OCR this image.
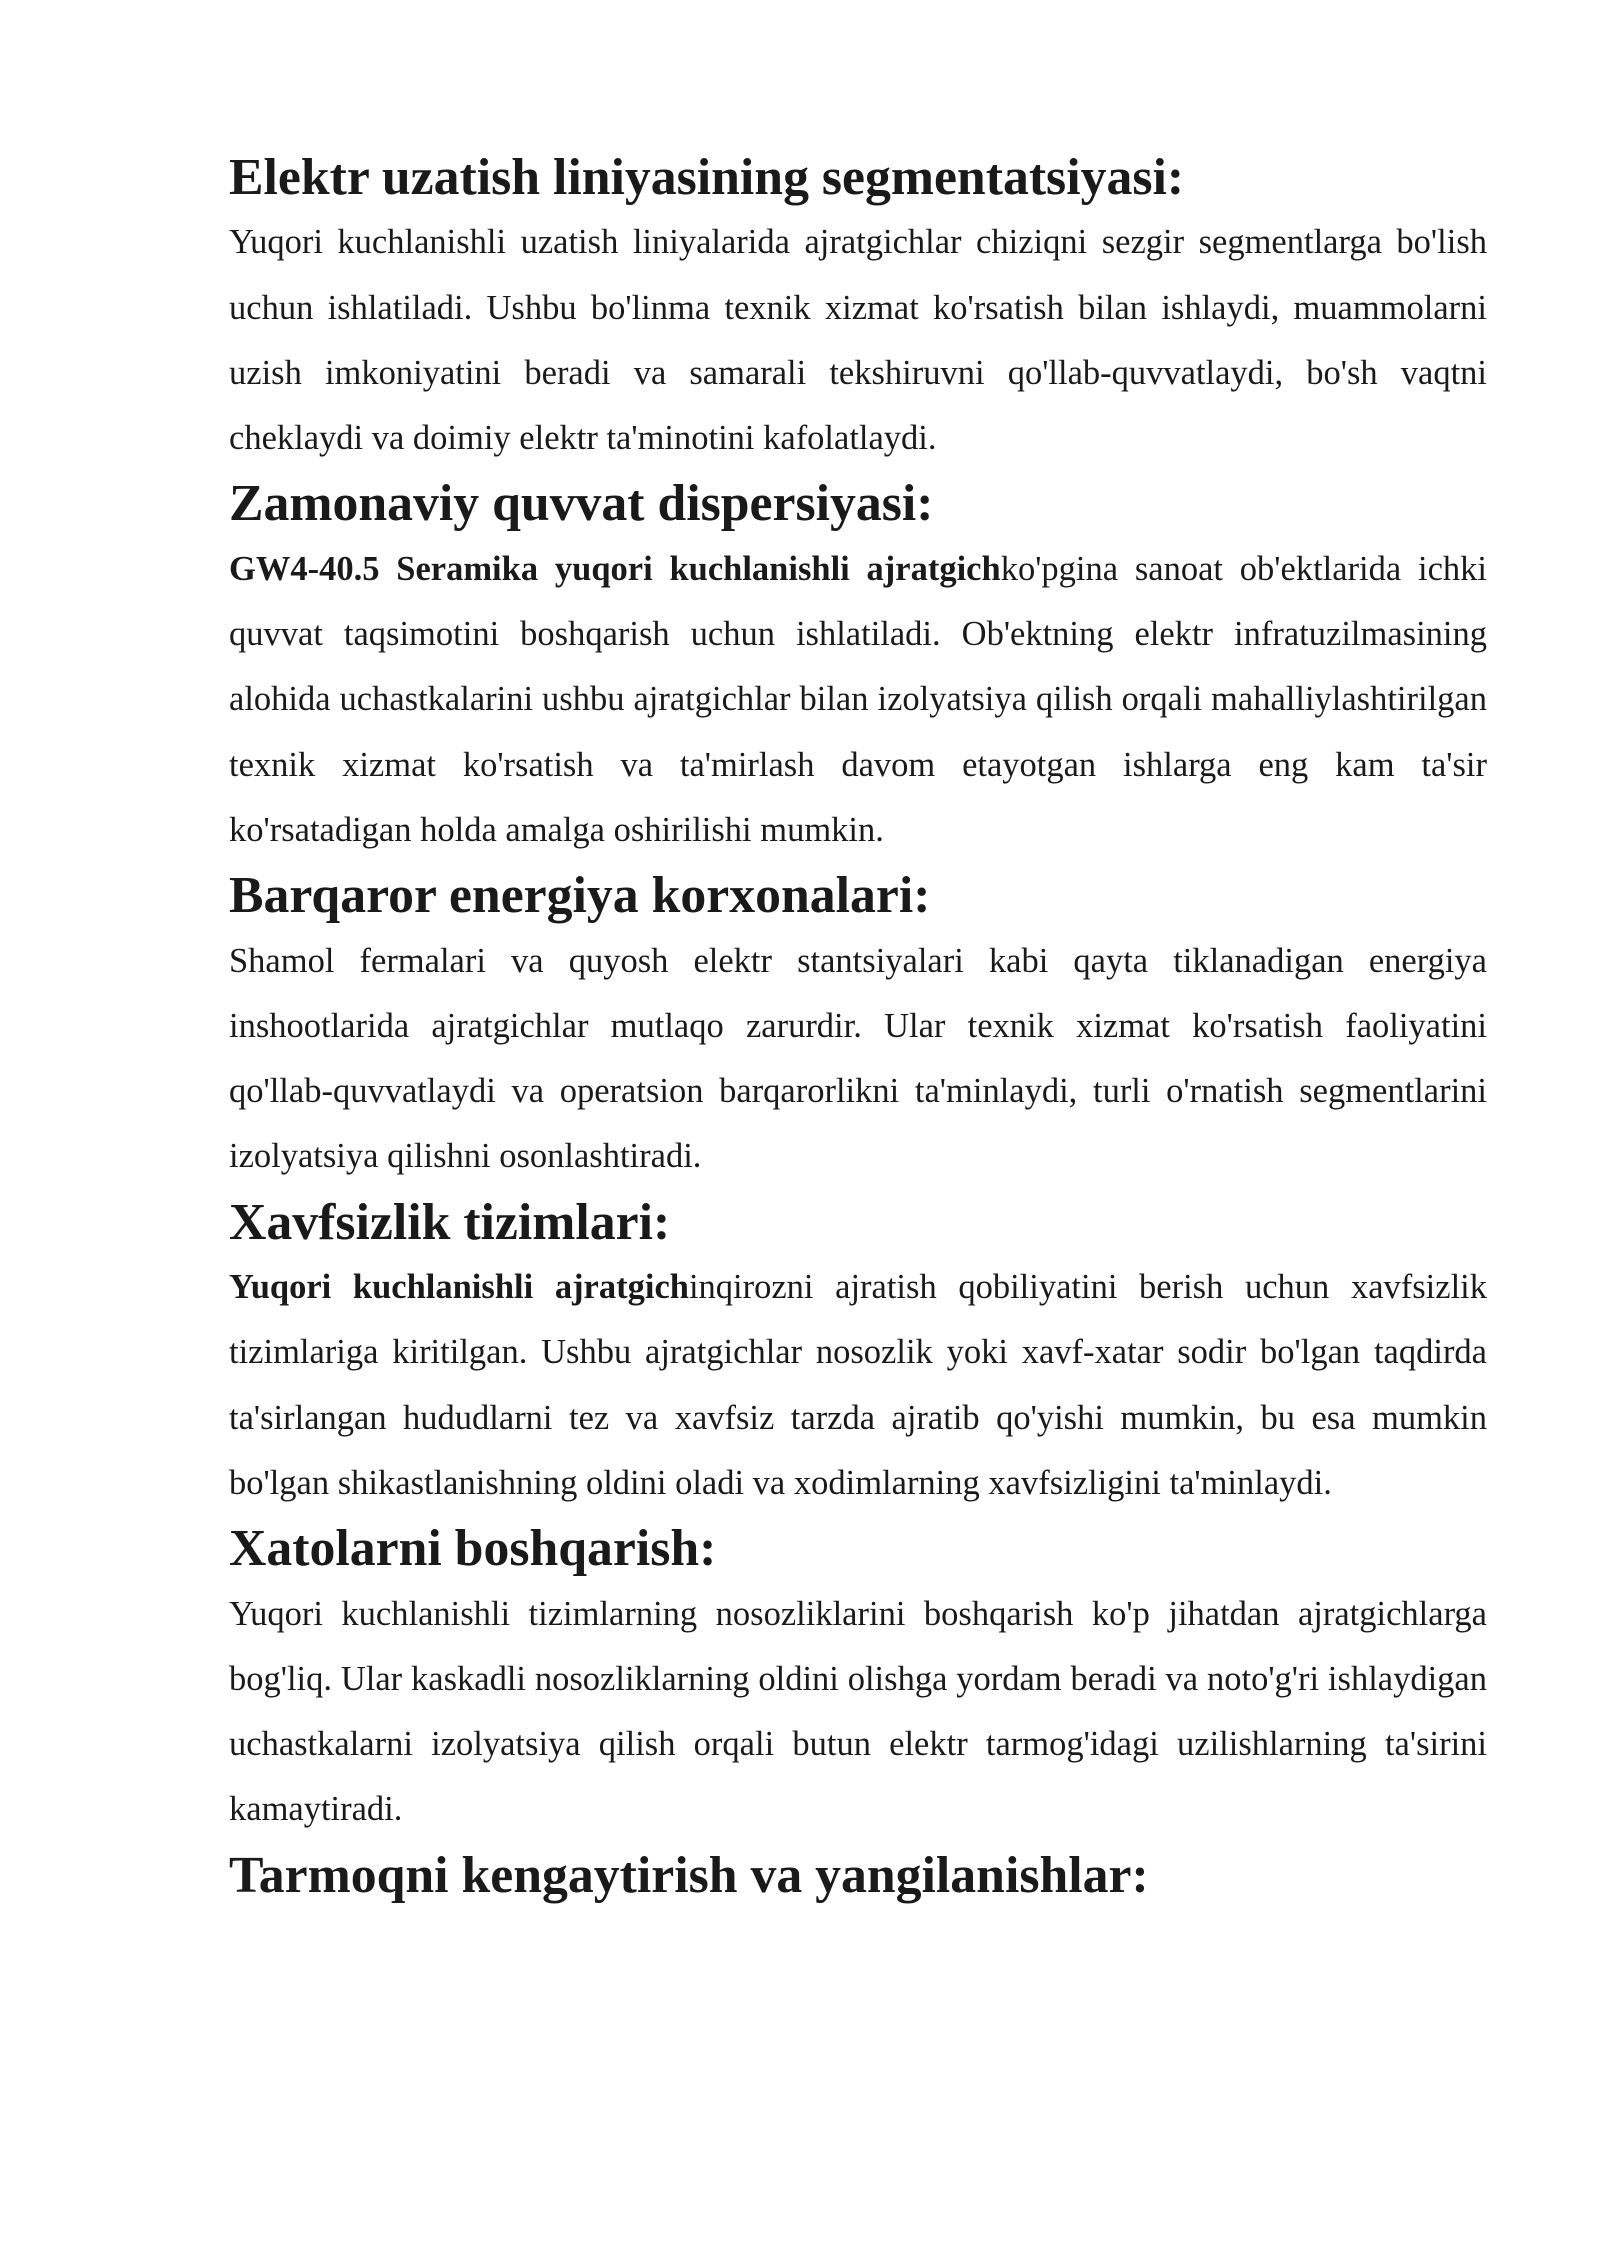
Elektr uzatish liniyasining segmentatsiyasi:

Yuqori kuchlanishli uzatish liniyalarida ajratgichlar chiziqni sezgir segmentlarga bo'lish uchun ishlatiladi. Ushbu bo'linma texnik xizmat ko'rsatish bilan ishlaydi, muammolarni uzish imkoniyatini beradi va samarali tekshiruvni qo'llab-quvvatlaydi, bo'sh vaqtni cheklaydi va doimiy elektr ta'minotini kafolatlaydi.

Zamonaviy quvvat dispersiyasi:

GW4-40.5 Seramika yuqori kuchlanishli ajratgichko'pgina sanoat ob'ektlarida ichki quvvat taqsimotini boshqarish uchun ishlatiladi. Ob'ektning elektr infratuzilmasining alohida uchastkalarini ushbu ajratgichlar bilan izolyatsiya qilish orqali mahalliylashtirilgan texnik xizmat ko'rsatish va ta'mirlash davom etayotgan ishlarga eng kam ta'sir ko'rsatadigan holda amalga oshirilishi mumkin.

Barqaror energiya korxonalari:

Shamol fermalari va quyosh elektr stantsiyalari kabi qayta tiklanadigan energiya inshootlarida ajratgichlar mutlaqo zarurdir. Ular texnik xizmat ko'rsatish faoliyatini qo'llab-quvvatlaydi va operatsion barqarorlikni ta'minlaydi, turli o'rnatish segmentlarini izolyatsiya qilishni osonlashtiradi.

Xavfsizlik tizimlari:

Yuqori kuchlanishli ajratgichinqirozni ajratish qobiliyatini berish uchun xavfsizlik tizimlariga kiritilgan. Ushbu ajratgichlar nosozlik yoki xavf-xatar sodir bo'lgan taqdirda ta'sirlangan hududlarni tez va xavfsiz tarzda ajratib qo'yishi mumkin, bu esa mumkin bo'lgan shikastlanishning oldini oladi va xodimlarning xavfsizligini ta'minlaydi.

Xatolarni boshqarish:

Yuqori kuchlanishli tizimlarning nosozliklarini boshqarish ko'p jihatdan ajratgichlarga bog'liq. Ular kaskadli nosozliklarning oldini olishga yordam beradi va noto'g'ri ishlaydigan uchastkalarni izolyatsiya qilish orqali butun elektr tarmog'idagi uzilishlarning ta'sirini kamaytiradi.

Tarmoqni kengaytirish va yangilanishlar:
